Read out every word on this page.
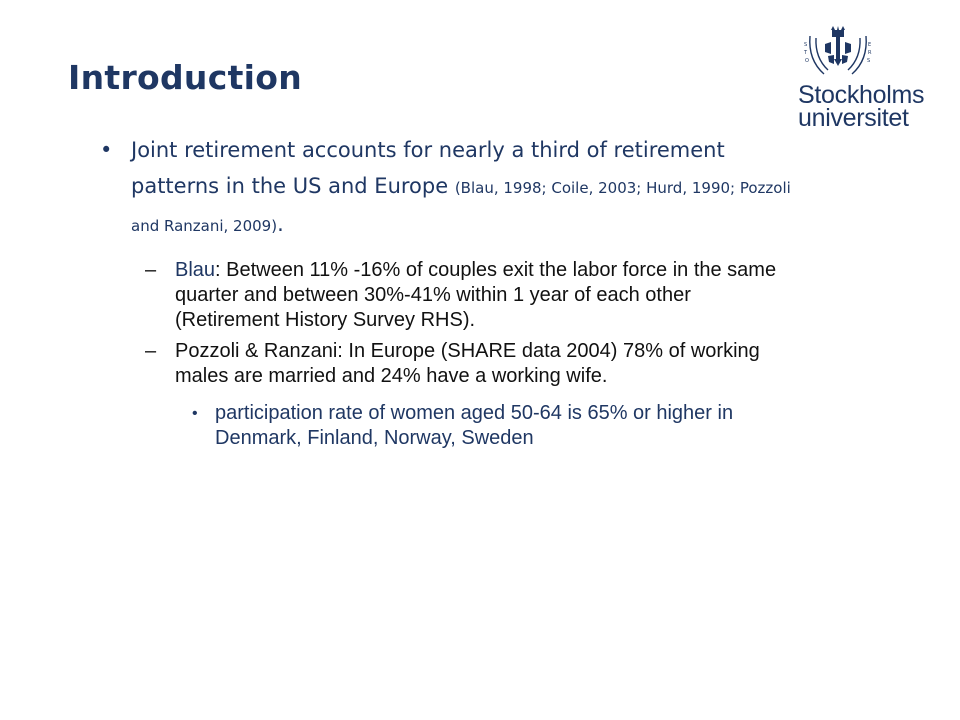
Introduction
S
T
O
E
R
S
Stockholms
universitet

• Joint retirement accounts for nearly a third of retirement patterns in the US and Europe (Blau, 1998; Coile, 2003; Hurd, 1990; Pozzoli and Ranzani, 2009).

– Blau: Between 11% -16% of couples exit the labor force in the same quarter and between 30%-41% within 1 year of each other (Retirement History Survey RHS).

– Pozzoli & Ranzani: In Europe (SHARE data 2004) 78% of working males are married and 24% have a working wife.

• participation rate of women aged 50-64 is 65% or higher in Denmark, Finland, Norway, Sweden
